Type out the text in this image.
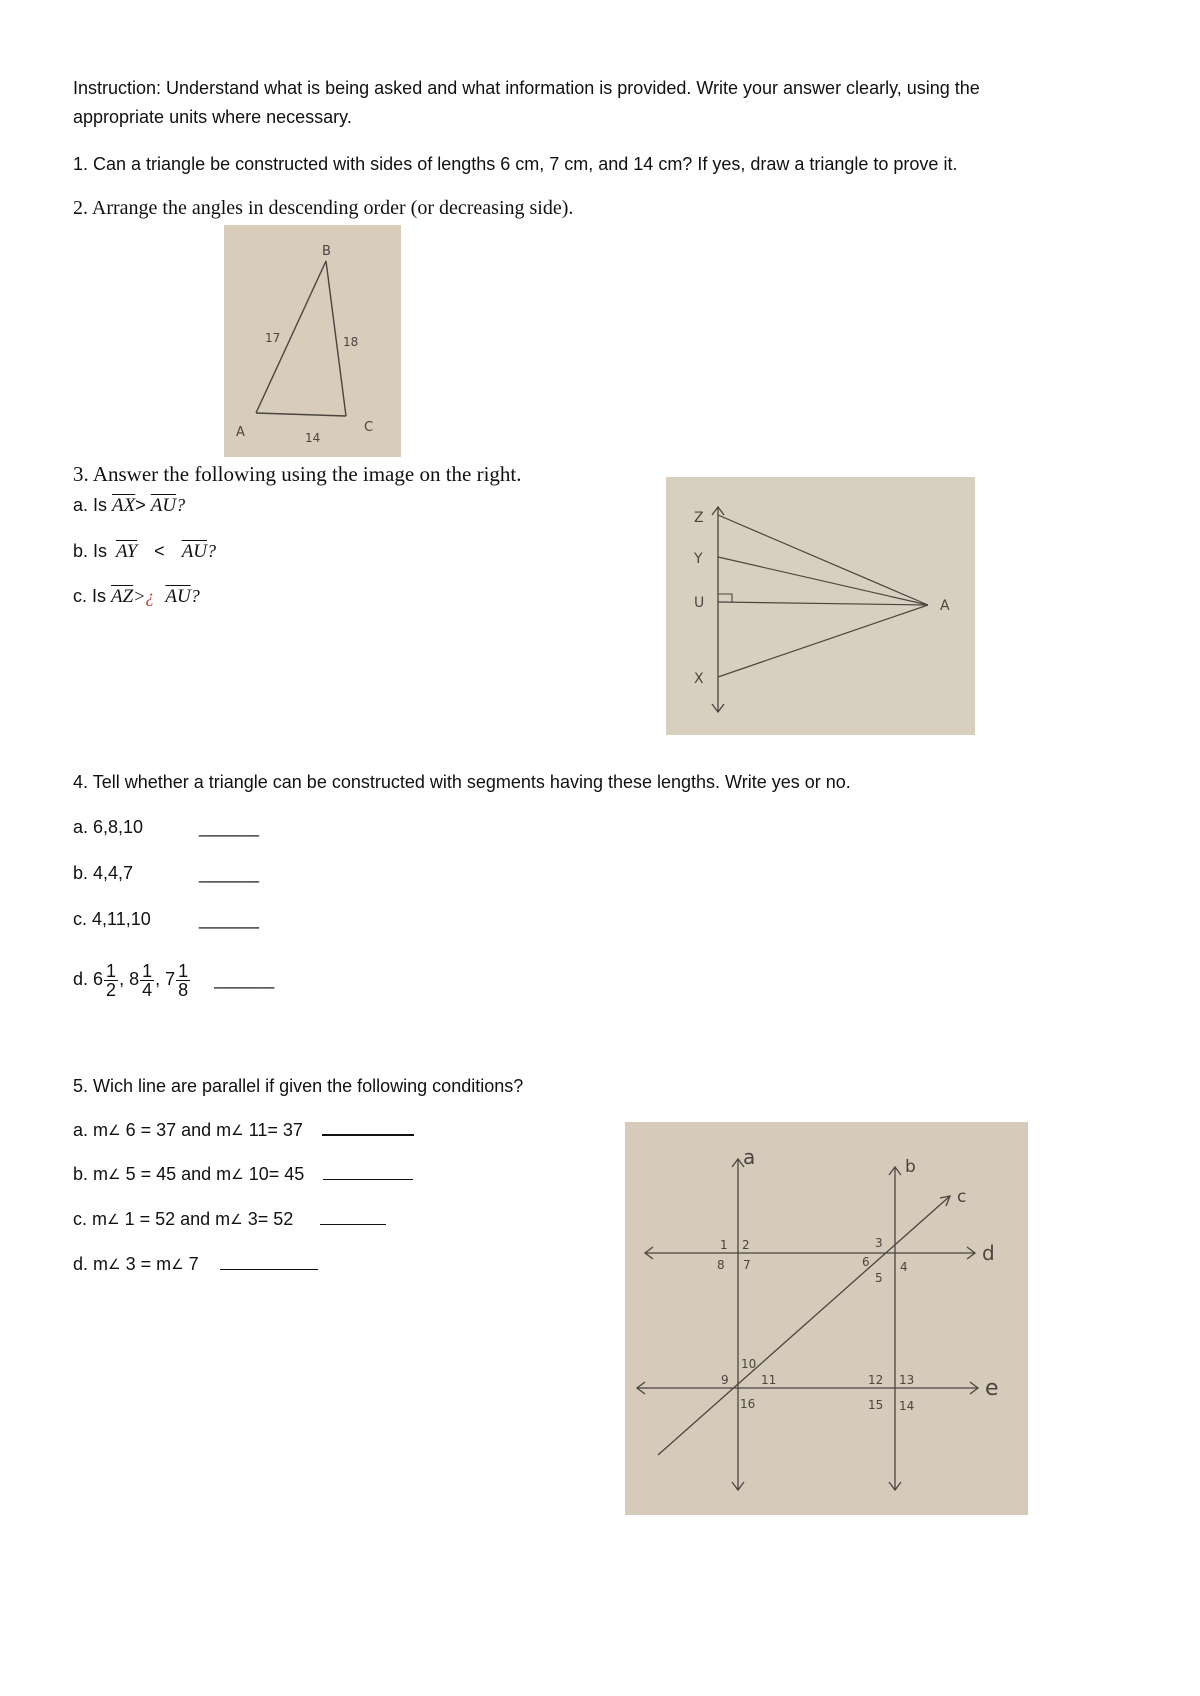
Instruction: Understand what is being asked and what information is provided. Write your answer clearly, using the
appropriate units where necessary.
1. Can a triangle be constructed with sides of lengths 6 cm, 7 cm, and 14 cm? If yes, draw a triangle to prove it.
2. Arrange the angles in descending order (or decreasing side).
B
A	C
17	18
14
3. Answer the following using the image on the right.
a. Is $\overline{AX}> \overline{AU}$?
b. Is $\overline{AY} < \overline{AU}$?
c. Is $\overline{AZ}>¿$ $\overline{AU}$?
Z
Y
U
X
A
4. Tell whether a triangle can be constructed with segments having these lengths. Write yes or no.
a. 6,8,10	______
b. 4,4,7	______
c. 4,11,10	______
d. $6 \frac{1}{2}$ , $8 \frac{1}{4}$ , $7 \frac{1}{8}$ ______
5. Wich line are parallel if given the following conditions?
a. m∠ 6 = 37 and m∠ 11= 37
b. m∠ 5 = 45 and m∠ 10= 45
c. m∠ 1 = 52 and m∠ 3= 52
d. m∠ 3 = m∠ 7
a	b
c
d
e
1 2
8 7
3
6
5
4
10
9	11
16
12 13
15 14
